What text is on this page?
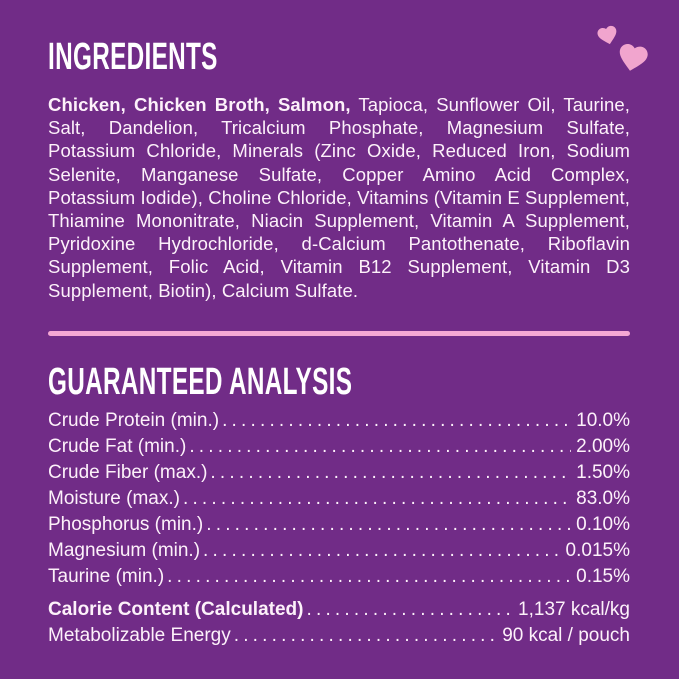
INGREDIENTS

Chicken, Chicken Broth, Salmon, Tapioca, Sunflower Oil, Taurine, Salt, Dandelion, Tricalcium Phosphate, Magnesium Sulfate, Potassium Chloride, Minerals (Zinc Oxide, Reduced Iron, Sodium Selenite, Manganese Sulfate, Copper Amino Acid Complex, Potassium Iodide), Choline Chloride, Vitamins (Vitamin E Supplement, Thiamine Mononitrate, Niacin Supplement, Vitamin A Supplement, Pyridoxine Hydrochloride, d-Calcium Pantothenate, Riboflavin Supplement, Folic Acid, Vitamin B12 Supplement, Vitamin D3 Supplement, Biotin), Calcium Sulfate.

GUARANTEED ANALYSIS
Crude Protein (min.) .....	10.0%
Crude Fat (min.) .....	2.00%
Crude Fiber (max.) .....	1.50%
Moisture (max.) .....	83.0%
Phosphorus (min.) .....	0.10%
Magnesium (min.) .....	0.015%
Taurine (min.) .....	0.15%
Calorie Content (Calculated) .....	1,137 kcal/kg
Metabolizable Energy .....	90 kcal / pouch
